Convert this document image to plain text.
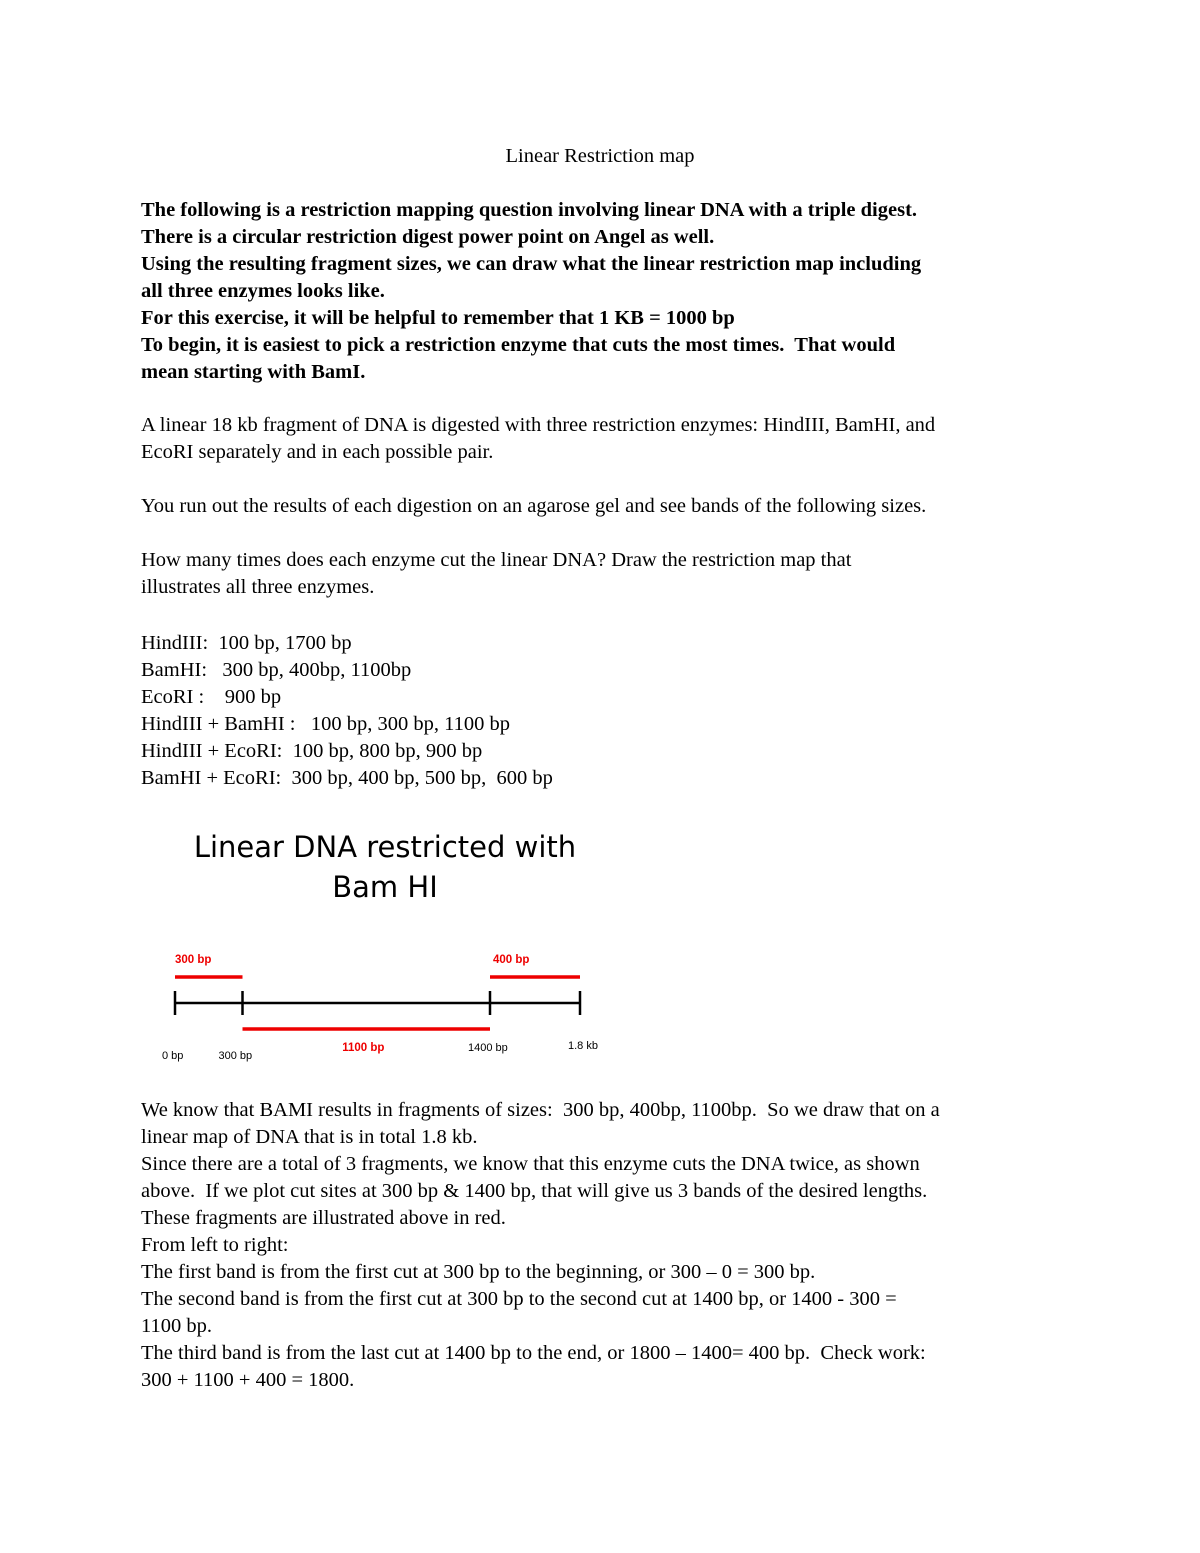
Linear Restriction map
The following is a restriction mapping question involving linear DNA with a triple digest.
There is a circular restriction digest power point on Angel as well.
Using the resulting fragment sizes, we can draw what the linear restriction map including
all three enzymes looks like.
For this exercise, it will be helpful to remember that 1 KB = 1000 bp
To begin, it is easiest to pick a restriction enzyme that cuts the most times.  That would
mean starting with BamI.

A linear 18 kb fragment of DNA is digested with three restriction enzymes: HindIII, BamHI, and
EcoRI separately and in each possible pair.

You run out the results of each digestion on an agarose gel and see bands of the following sizes.

How many times does each enzyme cut the linear DNA? Draw the restriction map that
illustrates all three enzymes.

HindIII:  100 bp, 1700 bp
BamHI:   300 bp, 400bp, 1100bp
EcoRI :    900 bp
HindIII + BamHI :   100 bp, 300 bp, 1100 bp
HindIII + EcoRI:  100 bp, 800 bp, 900 bp
BamHI + EcoRI:  300 bp, 400 bp, 500 bp,  600 bp
Linear DNA restricted with
Bam HI
300 bp
1100 bp
400 bp
0 bp	300 bp
1400 bp	1.8 kb
We know that BAMI results in fragments of sizes:  300 bp, 400bp, 1100bp.  So we draw that on a
linear map of DNA that is in total 1.8 kb.
Since there are a total of 3 fragments, we know that this enzyme cuts the DNA twice, as shown
above.  If we plot cut sites at 300 bp & 1400 bp, that will give us 3 bands of the desired lengths.
These fragments are illustrated above in red.
From left to right:
The first band is from the first cut at 300 bp to the beginning, or 300 – 0 = 300 bp.
The second band is from the first cut at 300 bp to the second cut at 1400 bp, or 1400 - 300 =
1100 bp.
The third band is from the last cut at 1400 bp to the end, or 1800 – 1400= 400 bp.  Check work:
300 + 1100 + 400 = 1800.
